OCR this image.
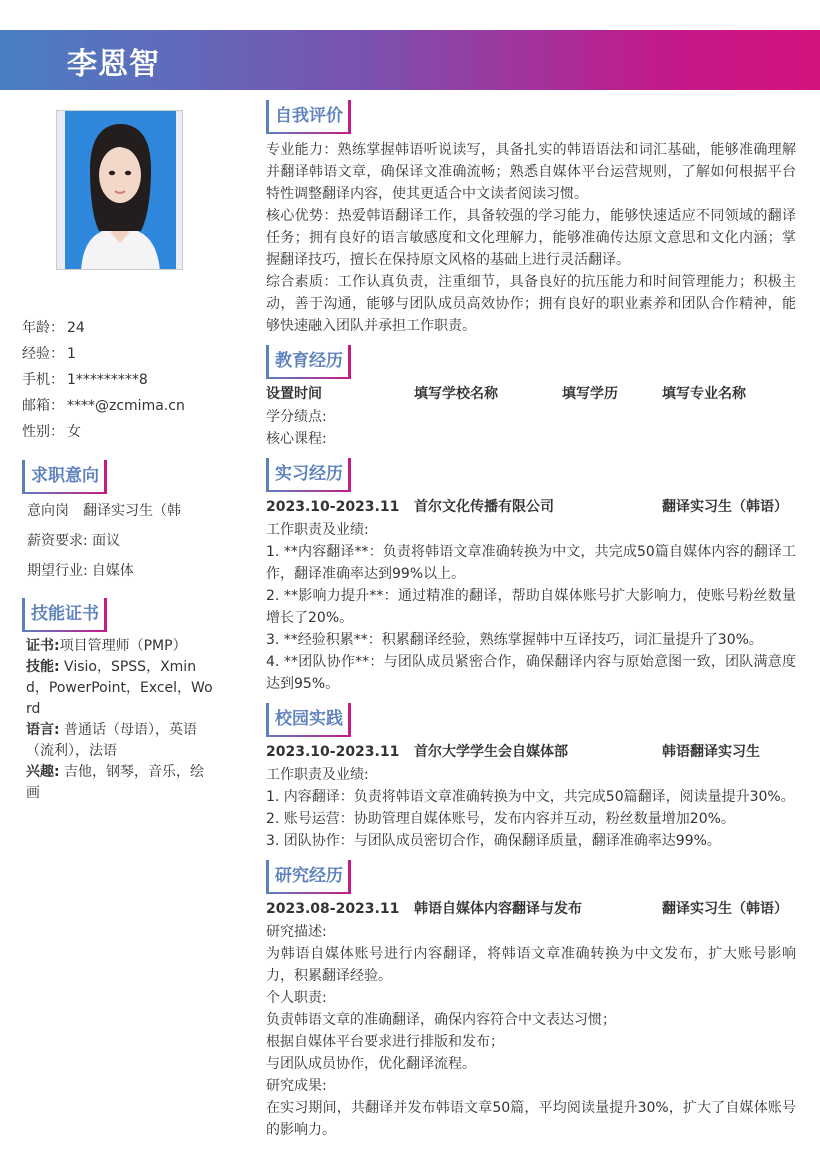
李恩智
年龄： 24
经验： 1
手机： 1*********8
邮箱： ****@zcmima.cn
性别： 女
求职意向
意向岗 翻译实习生（韩
薪资要求: 面议
期望行业: 自媒体
技能证书
证书:项目管理师（PMP）
技能: Visio，SPSS，Xmind，PowerPoint，Excel，Word
语言: 普通话（母语），英语（流利），法语
兴趣: 吉他，钢琴，音乐，绘画
自我评价
专业能力：熟练掌握韩语听说读写，具备扎实的韩语语法和词汇基础，能够准确理解并翻译韩语文章，确保译文准确流畅；熟悉自媒体平台运营规则，了解如何根据平台特性调整翻译内容，使其更适合中文读者阅读习惯。
核心优势：热爱韩语翻译工作，具备较强的学习能力，能够快速适应不同领域的翻译任务；拥有良好的语言敏感度和文化理解力，能够准确传达原文意思和文化内涵；掌握翻译技巧，擅长在保持原文风格的基础上进行灵活翻译。
综合素质：工作认真负责，注重细节，具备良好的抗压能力和时间管理能力；积极主动，善于沟通，能够与团队成员高效协作；拥有良好的职业素养和团队合作精神，能够快速融入团队并承担工作职责。
教育经历
设置时间	填写学校名称	填写学历	填写专业名称
学分绩点:
核心课程:
实习经历
2023.10-2023.11 首尔文化传播有限公司	翻译实习生（韩语）
工作职责及业绩:
1. **内容翻译**：负责将韩语文章准确转换为中文，共完成50篇自媒体内容的翻译工作，翻译准确率达到99%以上。
2. **影响力提升**：通过精准的翻译，帮助自媒体账号扩大影响力，使账号粉丝数量增长了20%。
3. **经验积累**：积累翻译经验，熟练掌握韩中互译技巧，词汇量提升了30%。
4. **团队协作**：与团队成员紧密合作，确保翻译内容与原始意图一致，团队满意度达到95%。
校园实践
2023.10-2023.11 首尔大学学生会自媒体部	韩语翻译实习生
工作职责及业绩:
1. 内容翻译：负责将韩语文章准确转换为中文，共完成50篇翻译，阅读量提升30%。
2. 账号运营：协助管理自媒体账号，发布内容并互动，粉丝数量增加20%。
3. 团队协作：与团队成员密切合作，确保翻译质量，翻译准确率达99%。
研究经历
2023.08-2023.11 韩语自媒体内容翻译与发布	翻译实习生（韩语）
研究描述:
为韩语自媒体账号进行内容翻译，将韩语文章准确转换为中文发布，扩大账号影响力，积累翻译经验。
个人职责:
负责韩语文章的准确翻译，确保内容符合中文表达习惯；
根据自媒体平台要求进行排版和发布；
与团队成员协作，优化翻译流程。
研究成果:
在实习期间，共翻译并发布韩语文章50篇，平均阅读量提升30%，扩大了自媒体账号的影响力。
